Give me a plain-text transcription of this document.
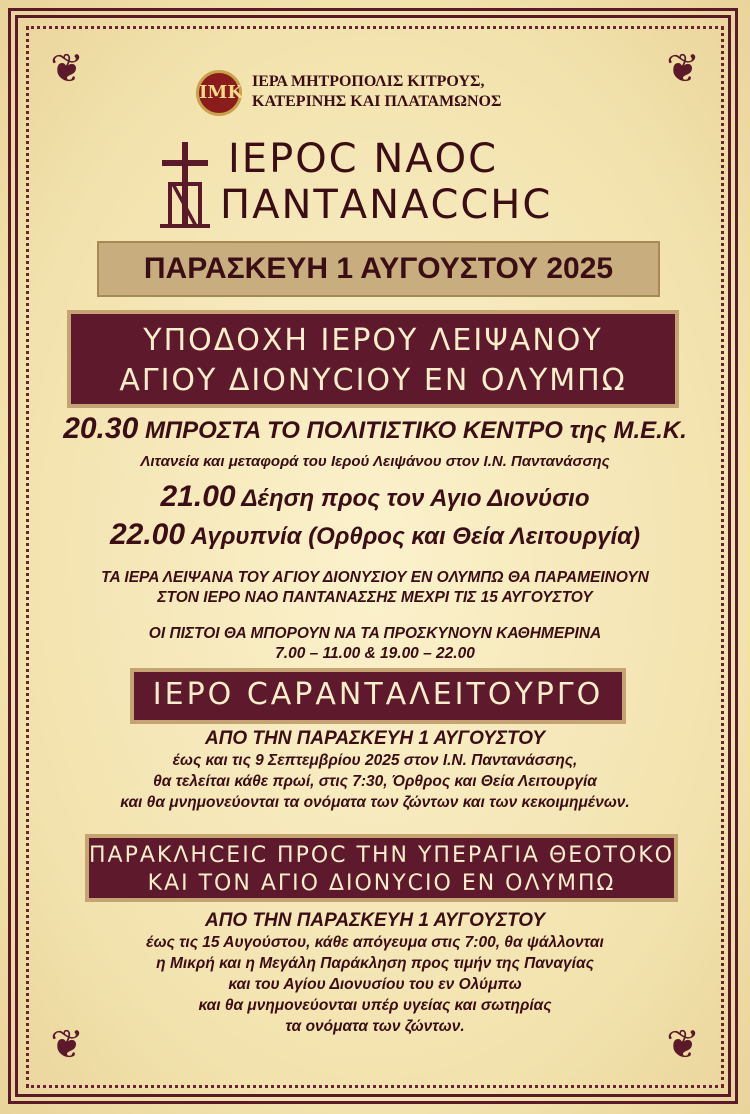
❦	❦
❦	❦
ΙΜΚ
ΙΕΡΑ ΜΗΤΡΟΠΟΛΙΣ ΚΙΤΡΟΥΣ,
ΚΑΤΕΡΙΝΗΣ ΚΑΙ ΠΛΑΤΑΜΩΝΟΣ
ΙΕΡΟC ΝΑΟC
ΠΑΝΤΑΝΑCCΗC
ΠΑΡΑΣΚΕΥΗ 1 ΑΥΓΟΥΣΤΟΥ 2025
ΥΠΟΔΟΧΗ ΙΕΡΟΥ ΛΕΙΨΑΝΟΥ
ΑΓΙΟΥ ΔΙΟΝΥCΙΟΥ ΕΝ ΟΛΥΜΠΩ
20.30 ΜΠΡΟΣΤΑ ΤΟ ΠΟΛΙΤΙΣΤΙΚΟ ΚΕΝΤΡΟ της Μ.Ε.Κ.
Λιτανεία και μεταφορά του Ιερού Λειψάνου στον Ι.Ν. Παντανάσσης
21.00 Δέηση προς τον Αγιο Διονύσιο
22.00 Αγρυπνία (Ορθρος και Θεία Λειτουργία)
ΤΑ ΙΕΡΑ ΛΕΙΨΑΝΑ ΤΟΥ ΑΓΙΟΥ ΔΙΟΝΥΣΙΟΥ ΕΝ ΟΛΥΜΠΩ ΘΑ ΠΑΡΑΜΕΙΝΟΥΝ
ΣΤΟΝ ΙΕΡΟ ΝΑΟ ΠΑΝΤΑΝΑΣΣΗΣ ΜΕΧΡΙ ΤΙΣ 15 ΑΥΓΟΥΣΤΟΥ
ΟΙ ΠΙΣΤΟΙ ΘΑ ΜΠΟΡΟΥΝ ΝΑ ΤΑ ΠΡΟΣΚΥΝΟΥΝ ΚΑΘΗΜΕΡΙΝΑ
7.00 – 11.00 & 19.00 – 22.00
ΙΕΡΟ CΑΡΑΝΤΑΛΕΙΤΟΥΡΓΟ
ΑΠΟ ΤΗΝ ΠΑΡΑΣΚΕΥΗ 1 ΑΥΓΟΥΣΤΟΥ
έως και τις 9 Σεπτεμβρίου 2025 στον Ι.Ν. Παντανάσσης,
θα τελείται κάθε πρωί, στις 7:30, Όρθρος και Θεία Λειτουργία
και θα μνημονεύονται τα ονόματα των ζώντων και των κεκοιμημένων.
ΠΑΡΑΚΛΗCΕΙC ΠΡΟC ΤΗΝ ΥΠΕΡΑΓΙΑ ΘΕΟΤΟΚΟ
ΚΑΙ ΤΟΝ ΑΓΙΟ ΔΙΟΝΥCΙΟ ΕΝ ΟΛΥΜΠΩ
ΑΠΟ ΤΗΝ ΠΑΡΑΣΚΕΥΗ 1 ΑΥΓΟΥΣΤΟΥ
έως τις 15 Αυγούστου, κάθε απόγευμα στις 7:00, θα ψάλλονται
η Μικρή και η Μεγάλη Παράκληση προς τιμήν της Παναγίας
και του Αγίου Διονυσίου του εν Ολύμπω
και θα μνημονεύονται υπέρ υγείας και σωτηρίας
τα ονόματα των ζώντων.
